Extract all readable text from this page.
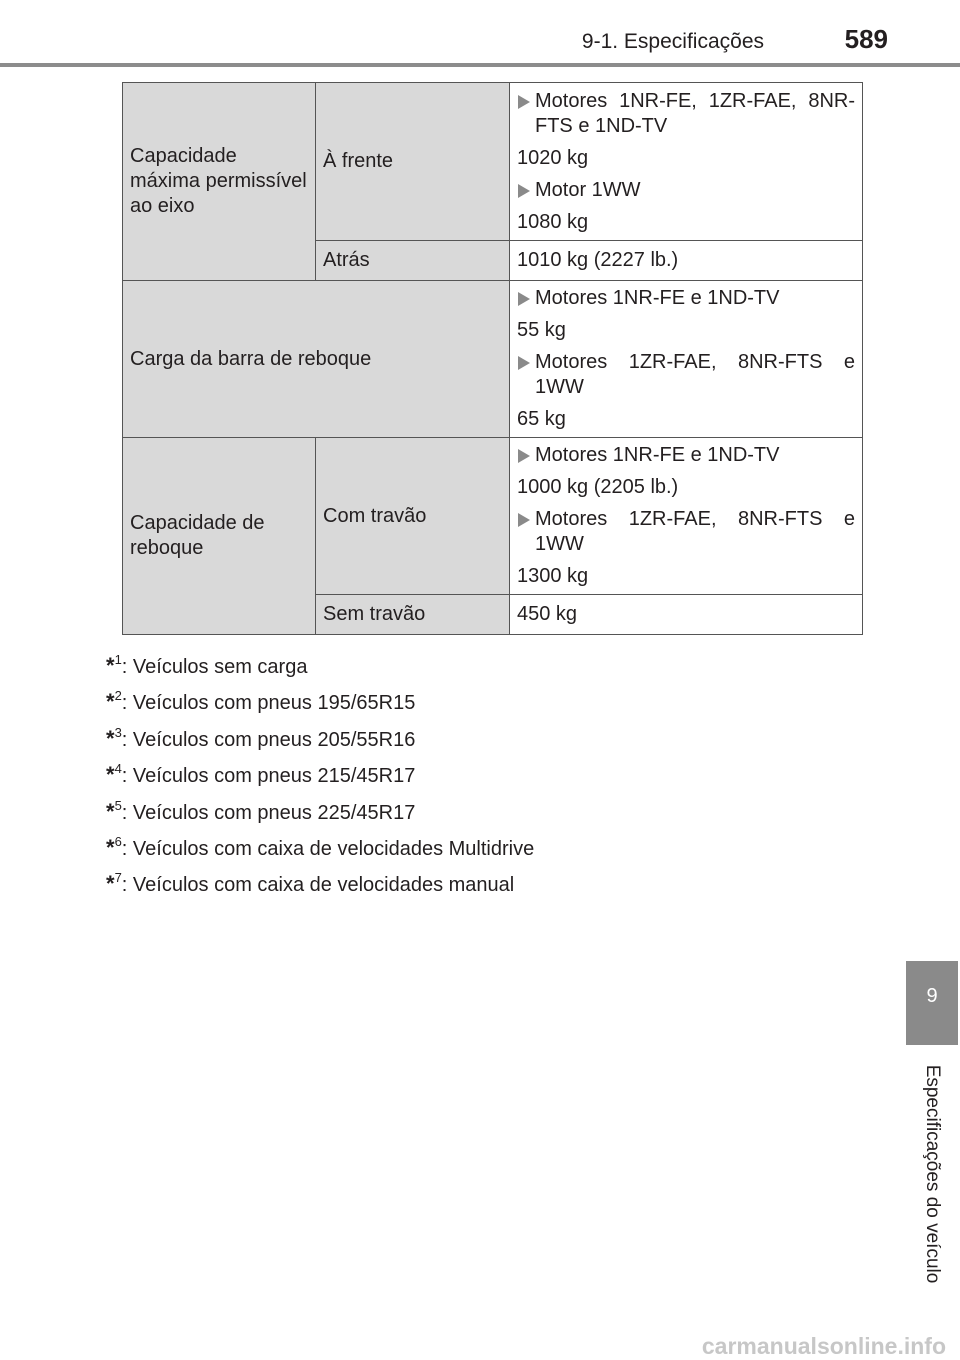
9-1. Especificações	589
Capacidade máxima permissível ao eixo	À frente	Motores 1NR-FE, 1ZR-FAE, 8NR-FTS e 1ND-TV
1020 kg
Motor 1WW
1080 kg

	Atrás	1010 kg (2227 lb.)
Carga da barra de reboque		Motores 1NR-FE e 1ND-TV
55 kg
Motores 1ZR-FAE, 8NR-FTS e 1WW
65 kg

Capacidade de reboque	Com travão	Motores 1NR-FE e 1ND-TV
1000 kg (2205 lb.)
Motores 1ZR-FAE, 8NR-FTS e 1WW
1300 kg

	Sem travão	450 kg
*$^1$: Veículos sem carga
*$^2$: Veículos com pneus 195/65R15
*$^3$: Veículos com pneus 205/55R16
*$^4$: Veículos com pneus 215/45R17
*$^5$: Veículos com pneus 225/45R17
*$^6$: Veículos com caixa de velocidades Multidrive
*$^7$: Veículos com caixa de velocidades manual
9
Especificações do veículo
carmanualsonline.info
